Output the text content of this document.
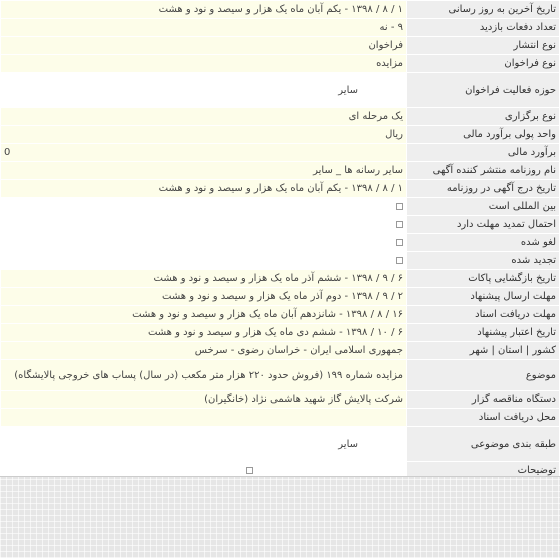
تاریخ آخرین به روز رسانی	۱ / ۸ / ۱۳۹۸ - یکم آبان ماه یک هزار و سیصد و نود و هشت
تعداد دفعات بازدید	۹ - نه
نوع انتشار	فراخوان
نوع فراخوان	مزایده
حوزه فعالیت فراخوان	سایر
نوع برگزاری	یک مرحله ای
واحد پولی برآورد مالی	ریال
برآورد مالی	0
نام روزنامه منتشر کننده آگهی	سایر رسانه ها _ سایر
تاریخ درج آگهی در روزنامه	۱ / ۸ / ۱۳۹۸ - یکم آبان ماه یک هزار و سیصد و نود و هشت
بین المللی است	
احتمال تمدید مهلت دارد	
لغو شده	
تجدید شده	
تاریخ بازگشایی پاکات	۶ / ۹ / ۱۳۹۸ - ششم آذر ماه یک هزار و سیصد و نود و هشت
مهلت ارسال پیشنهاد	۲ / ۹ / ۱۳۹۸ - دوم آذر ماه یک هزار و سیصد و نود و هشت
مهلت دریافت اسناد	۱۶ / ۸ / ۱۳۹۸ - شانزدهم آبان ماه یک هزار و سیصد و نود و هشت
تاریخ اعتبار پیشنهاد	۶ / ۱۰ / ۱۳۹۸ - ششم دی ماه یک هزار و سیصد و نود و هشت
کشور | استان | شهر	جمهوری اسلامی ایران - خراسان رضوی - سرخس
موضوع	مزایده شماره ۱۹۹ (فروش حدود ۲۲۰ هزار متر مکعب (در سال) پساب های خروجی پالایشگاه)
دستگاه مناقصه گزار	شرکت پالایش گاز شهید هاشمی نژاد (خانگیران)
محل دریافت اسناد	
طبقه بندی موضوعی	سایر
توضیحات	
